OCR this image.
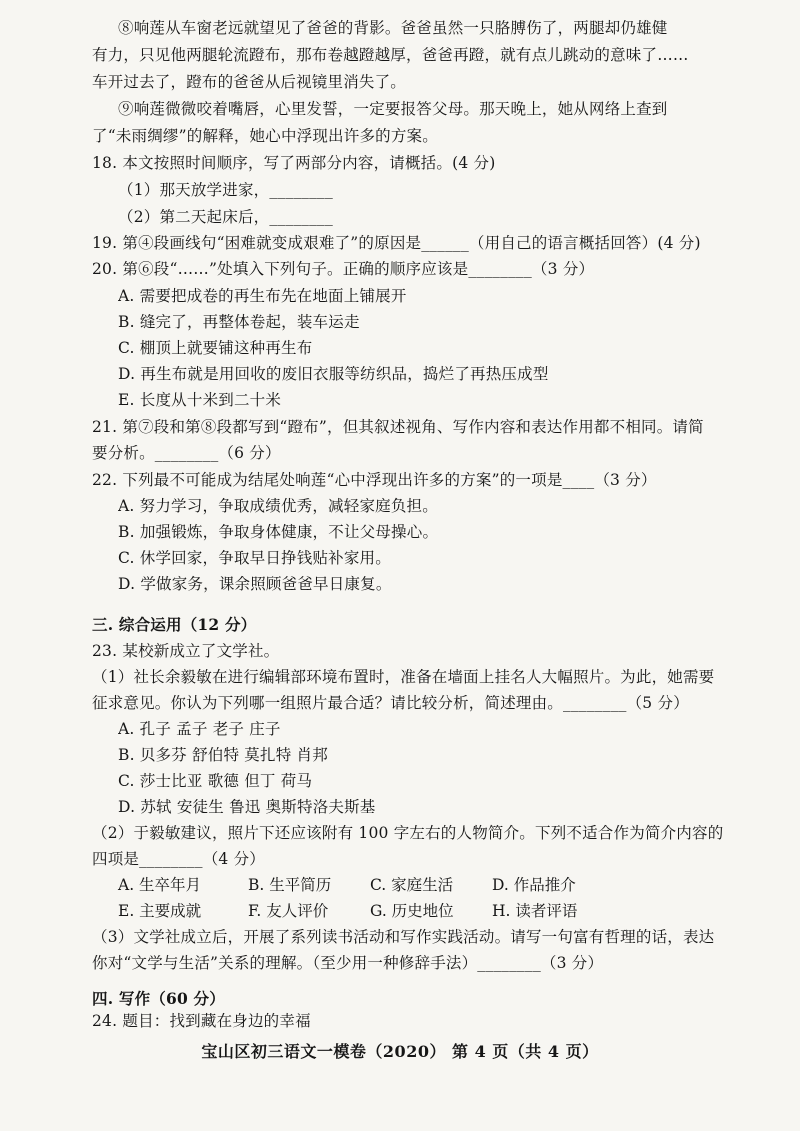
⑧响莲从车窗老远就望见了爸爸的背影。爸爸虽然一只胳膊伤了，两腿却仍雄健
有力，只见他两腿轮流蹬布，那布卷越蹬越厚，爸爸再蹬，就有点儿跳动的意味了……
车开过去了，蹬布的爸爸从后视镜里消失了。
⑨响莲微微咬着嘴唇，心里发誓，一定要报答父母。那天晚上，她从网络上查到
了“未雨绸缪”的解释，她心中浮现出许多的方案。
18. 本文按照时间顺序，写了两部分内容，请概括。(4 分)
（1）那天放学进家，________
（2）第二天起床后，________
19. 第④段画线句“困难就变成艰难了”的原因是______（用自己的语言概括回答）(4 分)
20. 第⑥段“……”处填入下列句子。正确的顺序应该是________（3 分）
A. 需要把成卷的再生布先在地面上铺展开
B. 缝完了，再整体卷起，装车运走
C. 棚顶上就要铺这种再生布
D. 再生布就是用回收的废旧衣服等纺织品，捣烂了再热压成型
E. 长度从十米到二十米
21. 第⑦段和第⑧段都写到“蹬布”，但其叙述视角、写作内容和表达作用都不相同。请简
要分析。________（6 分）
22. 下列最不可能成为结尾处响莲“心中浮现出许多的方案”的一项是____（3 分）
A. 努力学习，争取成绩优秀，减轻家庭负担。
B. 加强锻炼，争取身体健康，不让父母操心。
C. 休学回家，争取早日挣钱贴补家用。
D. 学做家务，课余照顾爸爸早日康复。
三. 综合运用（12 分）
23. 某校新成立了文学社。
（1）社长余毅敏在进行编辑部环境布置时，准备在墙面上挂名人大幅照片。为此，她需要
征求意见。你认为下列哪一组照片最合适？请比较分析，简述理由。________（5 分）
A. 孔子 孟子 老子 庄子
B. 贝多芬 舒伯特 莫扎特 肖邦
C. 莎士比亚 歌德 但丁 荷马
D. 苏轼 安徒生 鲁迅 奥斯特洛夫斯基
（2）于毅敏建议，照片下还应该附有 100 字左右的人物简介。下列不适合作为简介内容的
四项是________（4 分）
A. 生卒年月	B. 生平简历	C. 家庭生活	D. 作品推介
E. 主要成就	F. 友人评价	G. 历史地位 H. 读者评语
（3）文学社成立后，开展了系列读书活动和写作实践活动。请写一句富有哲理的话，表达
你对“文学与生活”关系的理解。（至少用一种修辞手法）________（3 分）
四. 写作（60 分）
24. 题目：找到藏在身边的幸福
宝山区初三语文一模卷（2020） 第 4 页（共 4 页）
